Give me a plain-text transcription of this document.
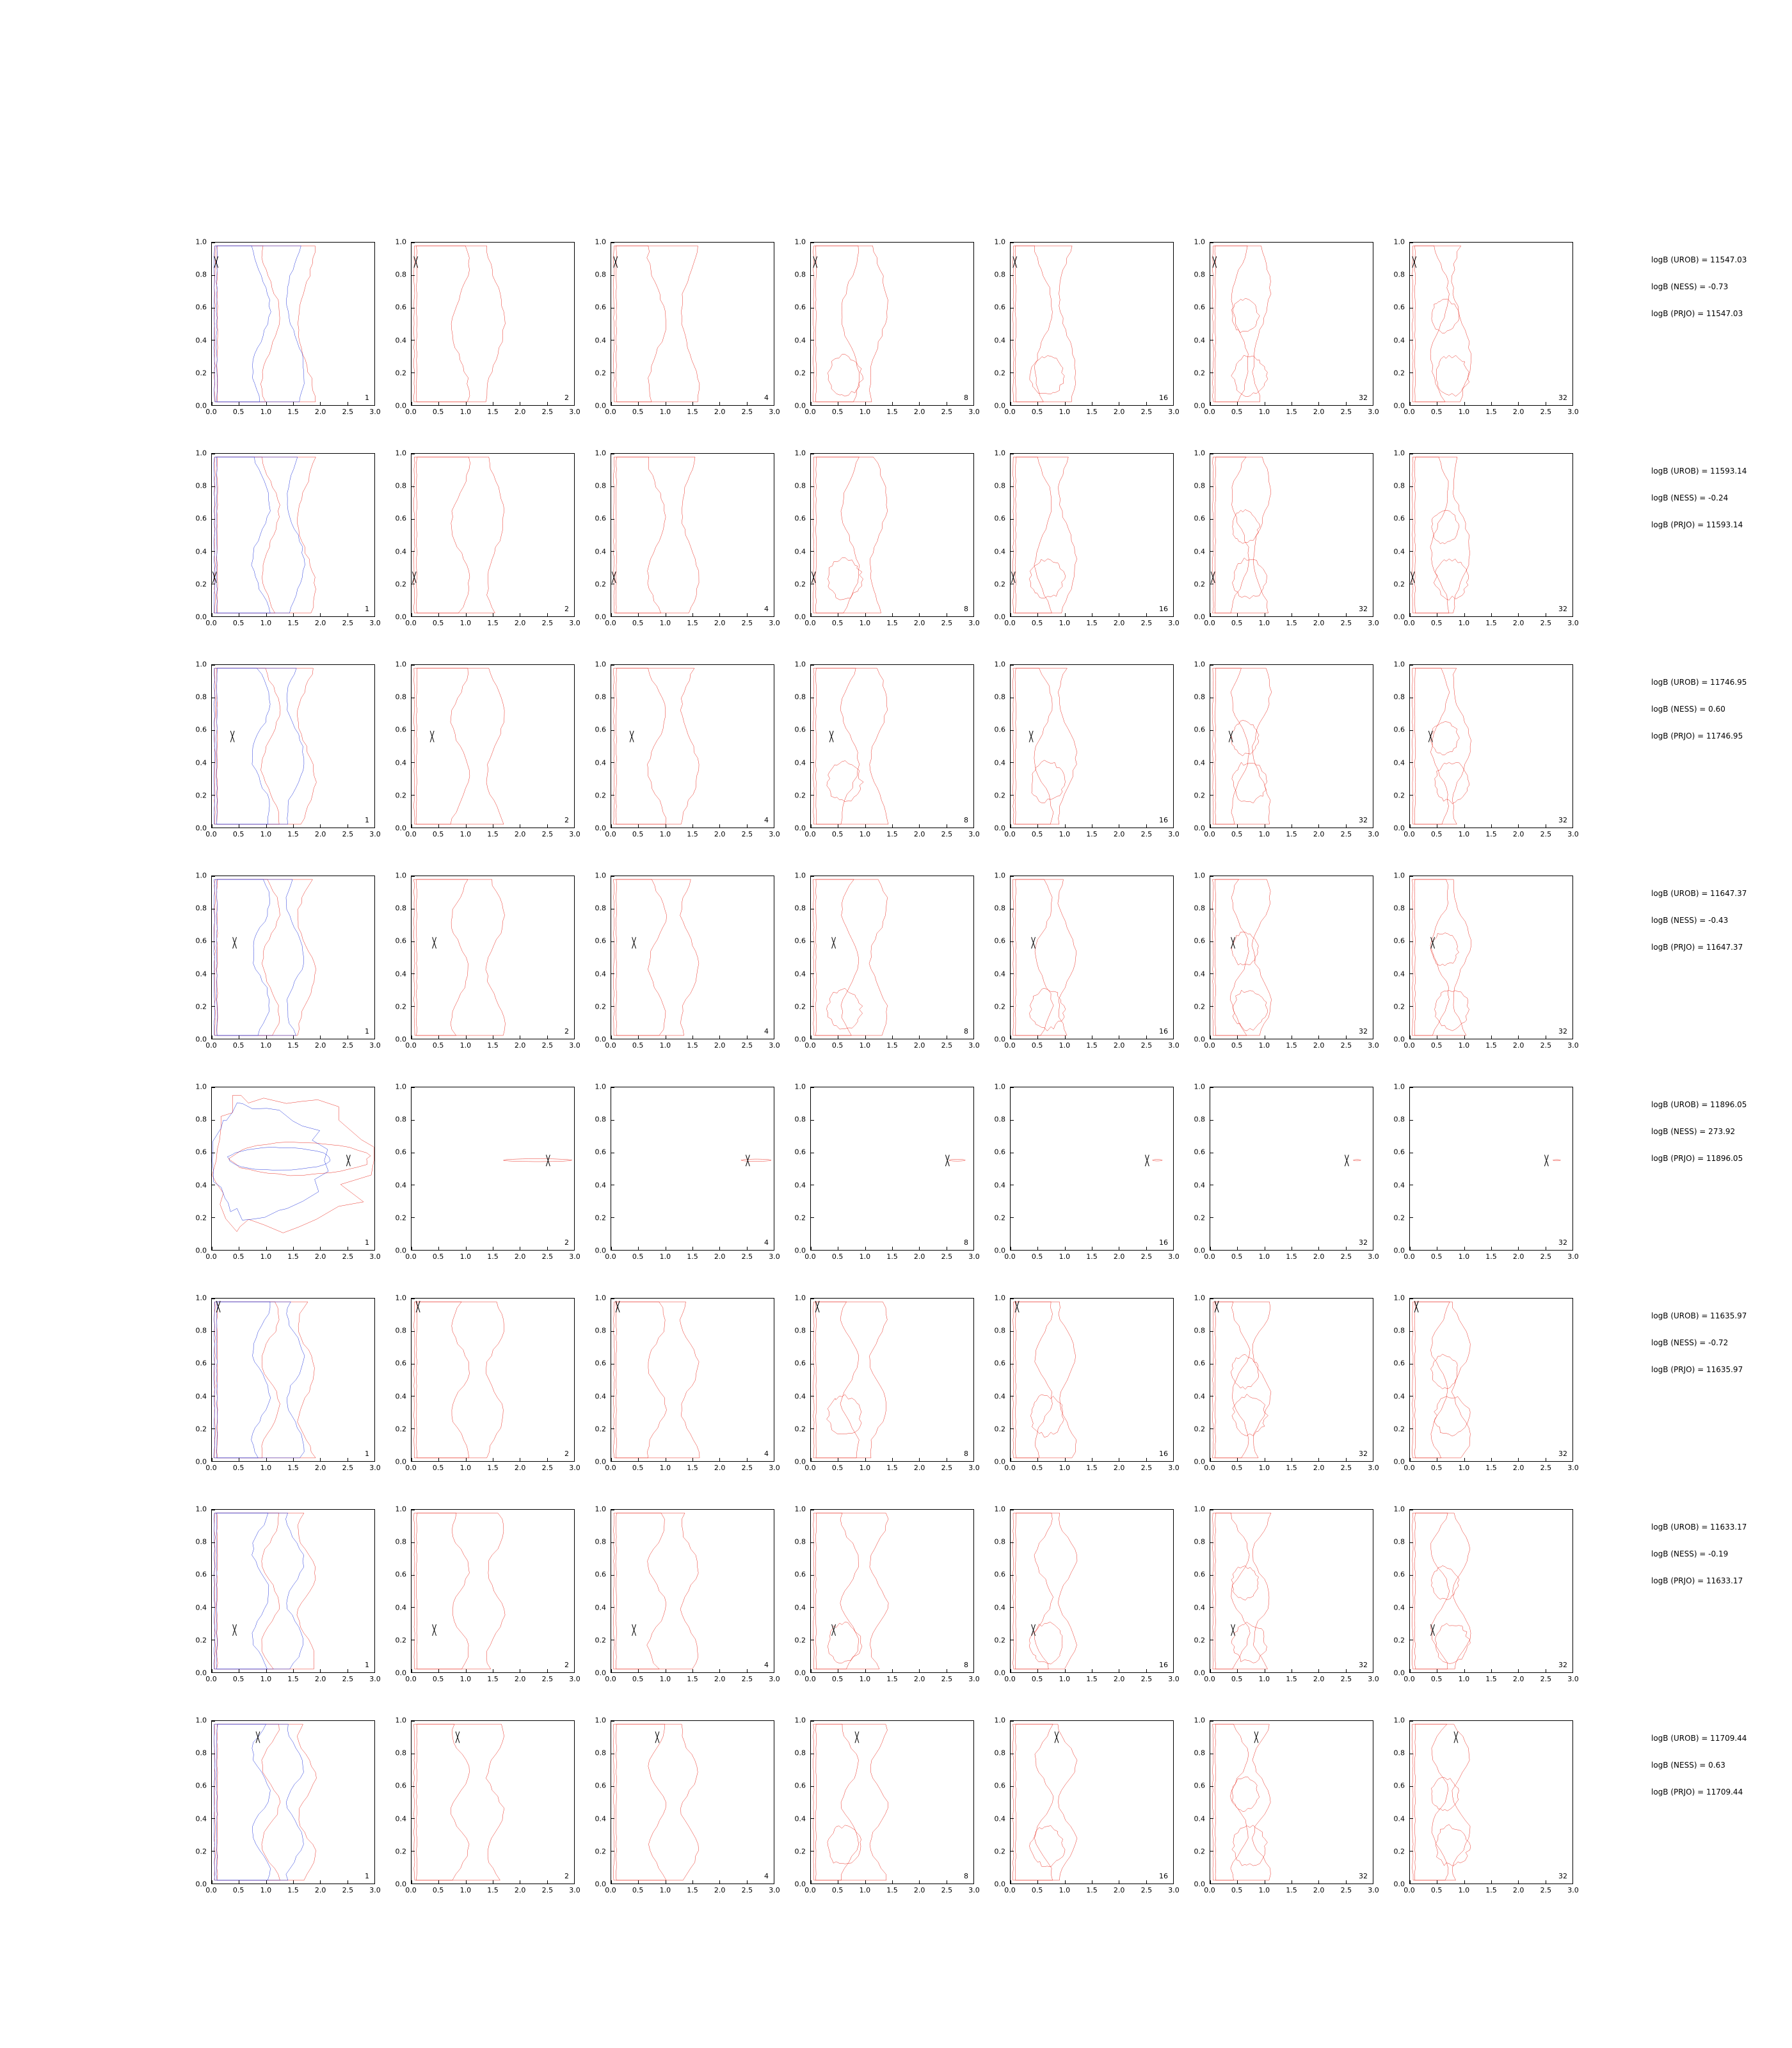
1
0.0 0.5 1.0 1.5 2.0 2.5 3.0
0.0
0.2
0.4
0.6
0.8
1.0
2
0.0 0.5 1.0 1.5 2.0 2.5 3.0
0.0
0.2
0.4
0.6
0.8
1.0
4
0.0 0.5 1.0 1.5 2.0 2.5 3.0
0.0
0.2
0.4
0.6
0.8
1.0
8
0.0 0.5 1.0 1.5 2.0 2.5 3.0
0.0
0.2
0.4
0.6
0.8
1.0
16
0.0 0.5 1.0 1.5 2.0 2.5 3.0
0.0
0.2
0.4
0.6
0.8
1.0
32
0.0 0.5 1.0 1.5 2.0 2.5 3.0
0.0
0.2
0.4
0.6
0.8
1.0
32
0.0 0.5 1.0 1.5 2.0 2.5 3.0
0.0
0.2
0.4
0.6
0.8
1.0
logB (UROB) = 11547.03
logB (NESS) = -0.73
logB (PRJO) = 11547.03
1
0.0 0.5 1.0 1.5 2.0 2.5 3.0
0.0
0.2
0.4
0.6
0.8
1.0
2
0.0 0.5 1.0 1.5 2.0 2.5 3.0
0.0
0.2
0.4
0.6
0.8
1.0
4
0.0 0.5 1.0 1.5 2.0 2.5 3.0
0.0
0.2
0.4
0.6
0.8
1.0
8
0.0 0.5 1.0 1.5 2.0 2.5 3.0
0.0
0.2
0.4
0.6
0.8
1.0
16
0.0 0.5 1.0 1.5 2.0 2.5 3.0
0.0
0.2
0.4
0.6
0.8
1.0
32
0.0 0.5 1.0 1.5 2.0 2.5 3.0
0.0
0.2
0.4
0.6
0.8
1.0
32
0.0 0.5 1.0 1.5 2.0 2.5 3.0
0.0
0.2
0.4
0.6
0.8
1.0
logB (UROB) = 11593.14
logB (NESS) = -0.24
logB (PRJO) = 11593.14
1
0.0 0.5 1.0 1.5 2.0 2.5 3.0
0.0
0.2
0.4
0.6
0.8
1.0
2
0.0 0.5 1.0 1.5 2.0 2.5 3.0
0.0
0.2
0.4
0.6
0.8
1.0
4
0.0 0.5 1.0 1.5 2.0 2.5 3.0
0.0
0.2
0.4
0.6
0.8
1.0
8
0.0 0.5 1.0 1.5 2.0 2.5 3.0
0.0
0.2
0.4
0.6
0.8
1.0
16
0.0 0.5 1.0 1.5 2.0 2.5 3.0
0.0
0.2
0.4
0.6
0.8
1.0
32
0.0 0.5 1.0 1.5 2.0 2.5 3.0
0.0
0.2
0.4
0.6
0.8
1.0
32
0.0 0.5 1.0 1.5 2.0 2.5 3.0
0.0
0.2
0.4
0.6
0.8
1.0
logB (UROB) = 11746.95
logB (NESS) = 0.60
logB (PRJO) = 11746.95
1
0.0 0.5 1.0 1.5 2.0 2.5 3.0
0.0
0.2
0.4
0.6
0.8
1.0
2
0.0 0.5 1.0 1.5 2.0 2.5 3.0
0.0
0.2
0.4
0.6
0.8
1.0
4
0.0 0.5 1.0 1.5 2.0 2.5 3.0
0.0
0.2
0.4
0.6
0.8
1.0
8
0.0 0.5 1.0 1.5 2.0 2.5 3.0
0.0
0.2
0.4
0.6
0.8
1.0
16
0.0 0.5 1.0 1.5 2.0 2.5 3.0
0.0
0.2
0.4
0.6
0.8
1.0
32
0.0 0.5 1.0 1.5 2.0 2.5 3.0
0.0
0.2
0.4
0.6
0.8
1.0
32
0.0 0.5 1.0 1.5 2.0 2.5 3.0
0.0
0.2
0.4
0.6
0.8
1.0
logB (UROB) = 11647.37
logB (NESS) = -0.43
logB (PRJO) = 11647.37
1
0.0 0.5 1.0 1.5 2.0 2.5 3.0
0.0
0.2
0.4
0.6
0.8
1.0
2
0.0 0.5 1.0 1.5 2.0 2.5 3.0
0.0
0.2
0.4
0.6
0.8
1.0
4
0.0 0.5 1.0 1.5 2.0 2.5 3.0
0.0
0.2
0.4
0.6
0.8
1.0
8
0.0 0.5 1.0 1.5 2.0 2.5 3.0
0.0
0.2
0.4
0.6
0.8
1.0
16
0.0 0.5 1.0 1.5 2.0 2.5 3.0
0.0
0.2
0.4
0.6
0.8
1.0
32
0.0 0.5 1.0 1.5 2.0 2.5 3.0
0.0
0.2
0.4
0.6
0.8
1.0
32
0.0 0.5 1.0 1.5 2.0 2.5 3.0
0.0
0.2
0.4
0.6
0.8
1.0
logB (UROB) = 11896.05
logB (NESS) = 273.92
logB (PRJO) = 11896.05
1
0.0 0.5 1.0 1.5 2.0 2.5 3.0
0.0
0.2
0.4
0.6
0.8
1.0
2
0.0 0.5 1.0 1.5 2.0 2.5 3.0
0.0
0.2
0.4
0.6
0.8
1.0
4
0.0 0.5 1.0 1.5 2.0 2.5 3.0
0.0
0.2
0.4
0.6
0.8
1.0
8
0.0 0.5 1.0 1.5 2.0 2.5 3.0
0.0
0.2
0.4
0.6
0.8
1.0
16
0.0 0.5 1.0 1.5 2.0 2.5 3.0
0.0
0.2
0.4
0.6
0.8
1.0
32
0.0 0.5 1.0 1.5 2.0 2.5 3.0
0.0
0.2
0.4
0.6
0.8
1.0
32
0.0 0.5 1.0 1.5 2.0 2.5 3.0
0.0
0.2
0.4
0.6
0.8
1.0
logB (UROB) = 11635.97
logB (NESS) = -0.72
logB (PRJO) = 11635.97
1
0.0 0.5 1.0 1.5 2.0 2.5 3.0
0.0
0.2
0.4
0.6
0.8
1.0
2
0.0 0.5 1.0 1.5 2.0 2.5 3.0
0.0
0.2
0.4
0.6
0.8
1.0
4
0.0 0.5 1.0 1.5 2.0 2.5 3.0
0.0
0.2
0.4
0.6
0.8
1.0
8
0.0 0.5 1.0 1.5 2.0 2.5 3.0
0.0
0.2
0.4
0.6
0.8
1.0
16
0.0 0.5 1.0 1.5 2.0 2.5 3.0
0.0
0.2
0.4
0.6
0.8
1.0
32
0.0 0.5 1.0 1.5 2.0 2.5 3.0
0.0
0.2
0.4
0.6
0.8
1.0
32
0.0 0.5 1.0 1.5 2.0 2.5 3.0
0.0
0.2
0.4
0.6
0.8
1.0
logB (UROB) = 11633.17
logB (NESS) = -0.19
logB (PRJO) = 11633.17
1
0.0 0.5 1.0 1.5 2.0 2.5 3.0
0.0
0.2
0.4
0.6
0.8
1.0
2
0.0 0.5 1.0 1.5 2.0 2.5 3.0
0.0
0.2
0.4
0.6
0.8
1.0
4
0.0 0.5 1.0 1.5 2.0 2.5 3.0
0.0
0.2
0.4
0.6
0.8
1.0
8
0.0 0.5 1.0 1.5 2.0 2.5 3.0
0.0
0.2
0.4
0.6
0.8
1.0
16
0.0 0.5 1.0 1.5 2.0 2.5 3.0
0.0
0.2
0.4
0.6
0.8
1.0
32
0.0 0.5 1.0 1.5 2.0 2.5 3.0
0.0
0.2
0.4
0.6
0.8
1.0
32
0.0 0.5 1.0 1.5 2.0 2.5 3.0
0.0
0.2
0.4
0.6
0.8
1.0
logB (UROB) = 11709.44
logB (NESS) = 0.63
logB (PRJO) = 11709.44
